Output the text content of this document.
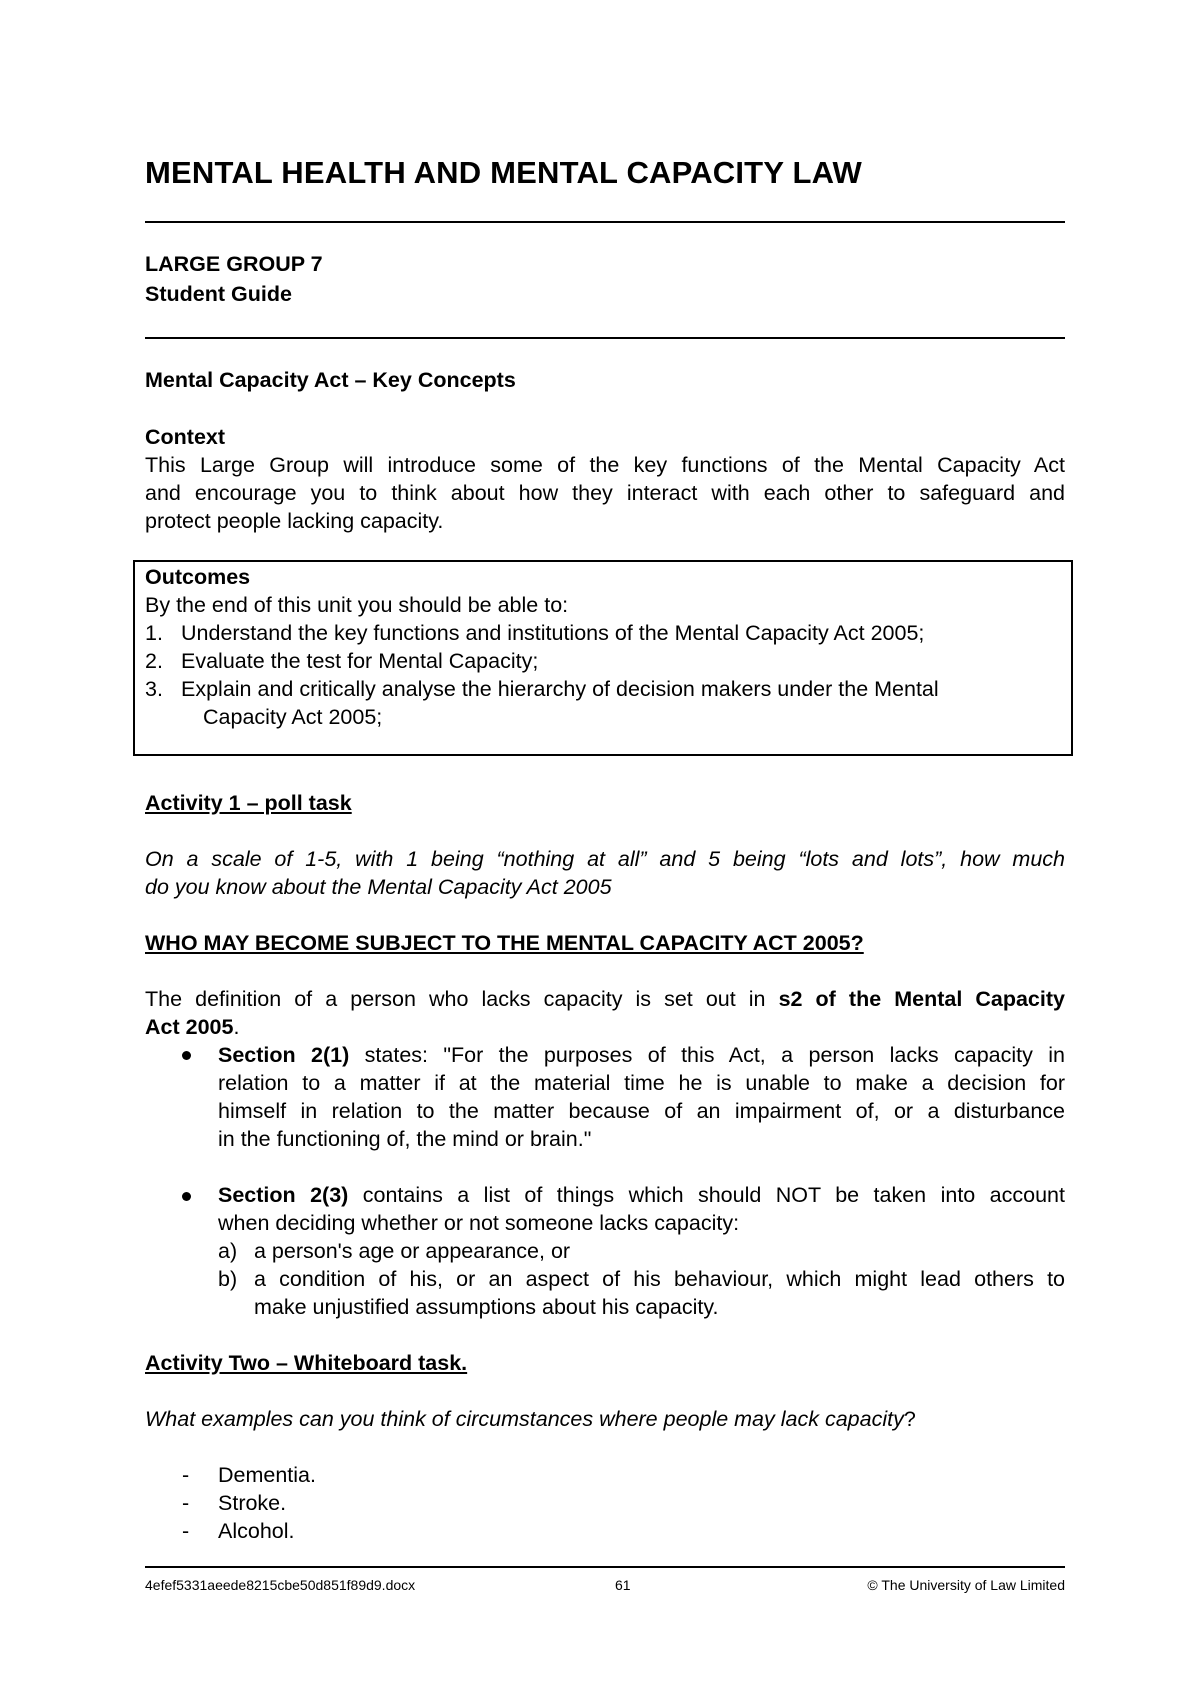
MENTAL HEALTH AND MENTAL CAPACITY LAW
LARGE GROUP 7
Student Guide
Mental Capacity Act – Key Concepts
Context
This Large Group will introduce some of the key functions of the Mental Capacity Act
and encourage you to think about how they interact with each other to safeguard and
protect people lacking capacity.
Outcomes
By the end of this unit you should be able to:
1. Understand the key functions and institutions of the Mental Capacity Act 2005;
2. Evaluate the test for Mental Capacity;
3. Explain and critically analyse the hierarchy of decision makers under the Mental
Capacity Act 2005;
Activity 1 – poll task
On a scale of 1-5, with 1 being “nothing at all” and 5 being “lots and lots”, how much
do you know about the Mental Capacity Act 2005
WHO MAY BECOME SUBJECT TO THE MENTAL CAPACITY ACT 2005?
The definition of a person who lacks capacity is set out in s2 of the Mental Capacity
Act 2005.
Section 2(1) states: "For the purposes of this Act, a person lacks capacity in
relation to a matter if at the material time he is unable to make a decision for
himself in relation to the matter because of an impairment of, or a disturbance
in the functioning of, the mind or brain."
Section 2(3) contains a list of things which should NOT be taken into account
when deciding whether or not someone lacks capacity:
a) a person's age or appearance, or
b) a condition of his, or an aspect of his behaviour, which might lead others to
make unjustified assumptions about his capacity.
Activity Two – Whiteboard task.
What examples can you think of circumstances where people may lack capacity?
- Dementia.
- Stroke.
- Alcohol.
4efef5331aeede8215cbe50d851f89d9.docx	61	© The University of Law Limited
